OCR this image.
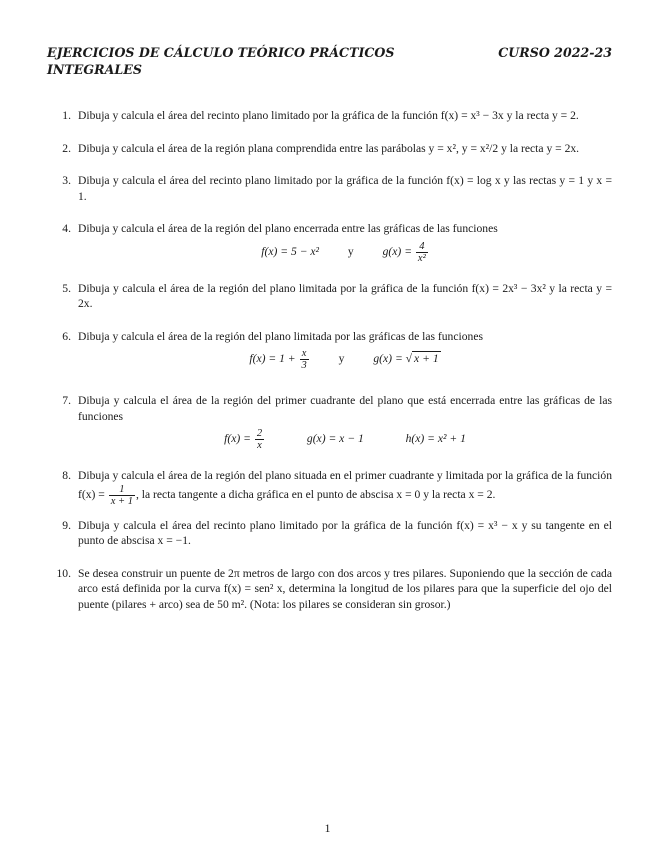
EJERCICIOS DE CÁLCULO TEÓRICO PRÁCTICOS
INTEGRALES
CURSO 2022-23
1. Dibuja y calcula el área del recinto plano limitado por la gráfica de la función f(x) = x³ − 3x y la recta y = 2.
2. Dibuja y calcula el área de la región plana comprendida entre las parábolas y = x², y = x²/2 y la recta y = 2x.
3. Dibuja y calcula el área del recinto plano limitado por la gráfica de la función f(x) = log x y las rectas y = 1 y x = 1.
4. Dibuja y calcula el área de la región del plano encerrada entre las gráficas de las funciones
f(x) = 5 − x² y $g(x) = \frac{4}{\text{x²}}$
5. Dibuja y calcula el área de la región del plano limitada por la gráfica de la función f(x) = 2x³ − 3x² y la recta y = 2x.
6. Dibuja y calcula el área de la región del plano limitada por las gráficas de las funciones
$f(x) = 1 + \frac{x}{3}$	y g(x) = √ x + 1
7. Dibuja y calcula el área de la región del primer cuadrante del plano que está encerrada entre las gráficas de las funciones
$f(x) = \frac{2}{x}$	g(x) = x − 1	h(x) = x² + 1
8. Dibuja y calcula el área de la región del plano situada en el primer cuadrante y limitada por la gráfica de la función $f(x) = \frac{1}{x + 1}$ , la recta tangente a dicha gráfica en el punto de abscisa x = 0 y la recta x = 2.
9. Dibuja y calcula el área del recinto plano limitado por la gráfica de la función f(x) = x³ − x y su tangente en el punto de abscisa x = −1.
10. Se desea construir un puente de 2π metros de largo con dos arcos y tres pilares. Suponiendo que la sección de cada arco está definida por la curva f(x) = sen² x, determina la longitud de los pilares para que la superficie del ojo del puente (pilares + arco) sea de 50 m². (Nota: los pilares se consideran sin grosor.)
1
